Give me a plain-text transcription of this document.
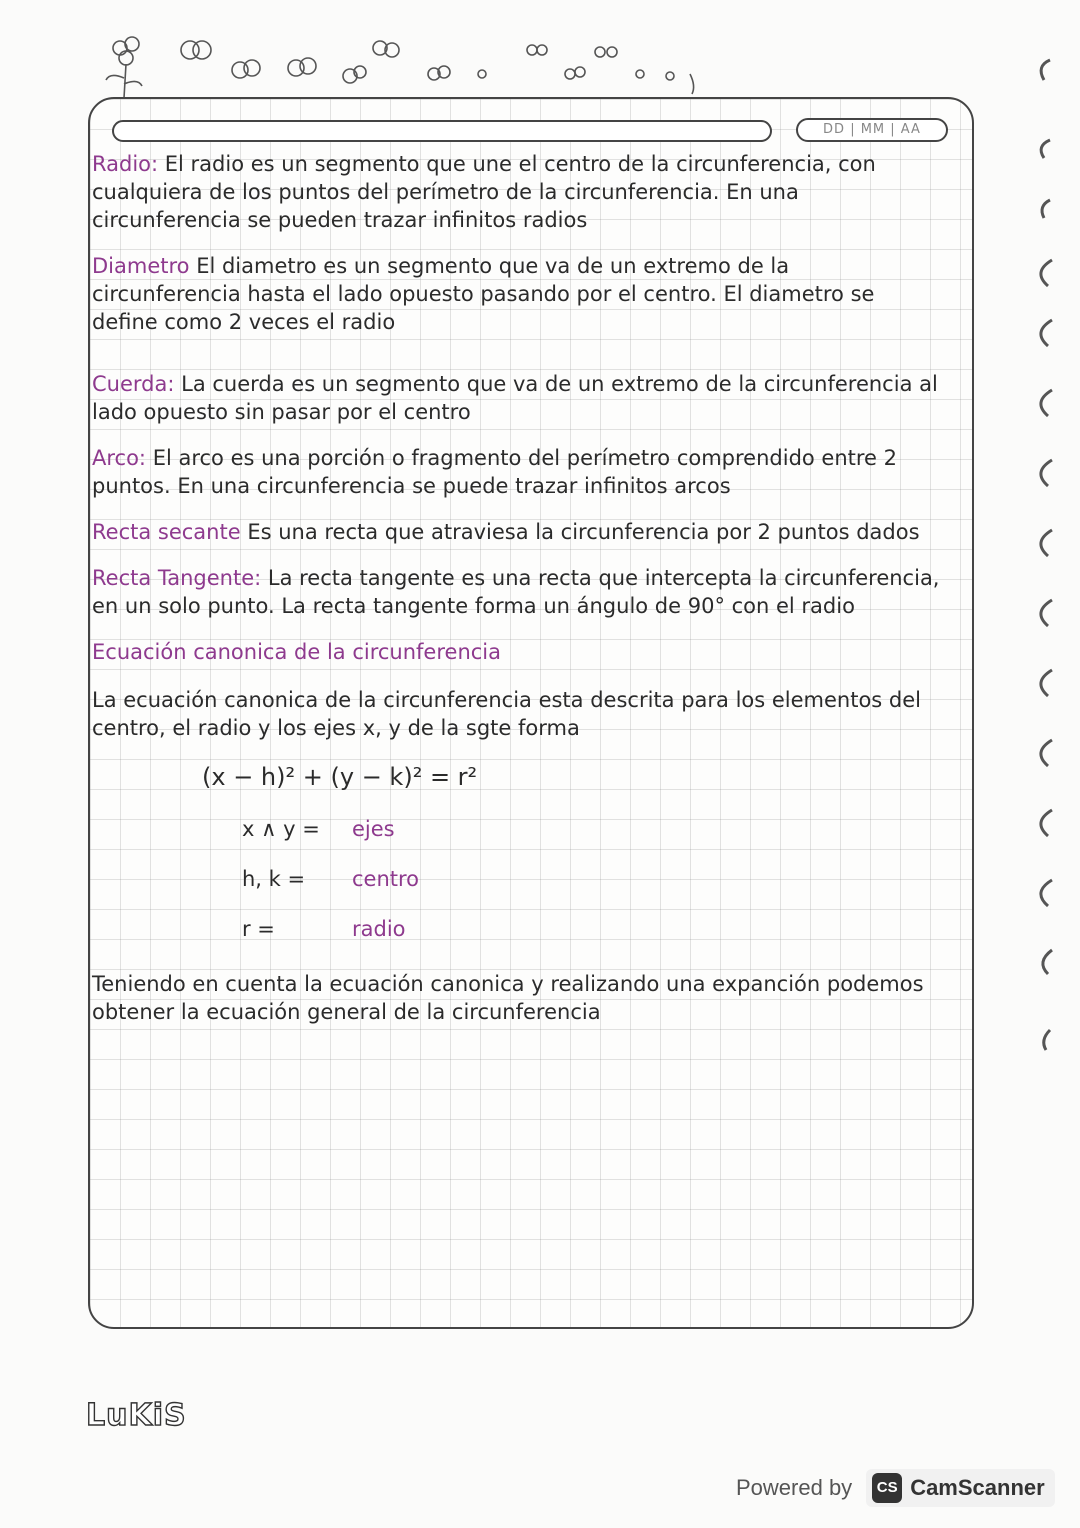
DD | MM | AA

Radio: El radio es un segmento que une el centro de la circunferencia, con cualquiera de los puntos del perímetro de la circunferencia. En una circunferencia se pueden trazar infinitos radios

Diametro El diametro es un segmento que va de un extremo de la circunferencia hasta el lado opuesto pasando por el centro. El diametro se define como 2 veces el radio

Cuerda: La cuerda es un segmento que va de un extremo de la circunferencia al lado opuesto sin pasar por el centro

Arco: El arco es una porción o fragmento del perímetro comprendido entre 2 puntos. En una circunferencia se puede trazar infinitos arcos

Recta secante Es una recta que atraviesa la circunferencia por 2 puntos dados

Recta Tangente: La recta tangente es una recta que intercepta la circunferencia, en un solo punto. La recta tangente forma un ángulo de 90° con el radio

Ecuación canonica de la circunferencia

La ecuación canonica de la circunferencia esta descrita para los elementos del centro, el radio y los ejes x, y de la sgte forma

(x − h)² + (y − k)² = r²
x ∧ y = ejes
h, k = centro
r =	radio

Teniendo en cuenta la ecuación canonica y realizando una expanción podemos obtener la ecuación general de la circunferencia

LuKiS
Powered by	CS CamScanner
